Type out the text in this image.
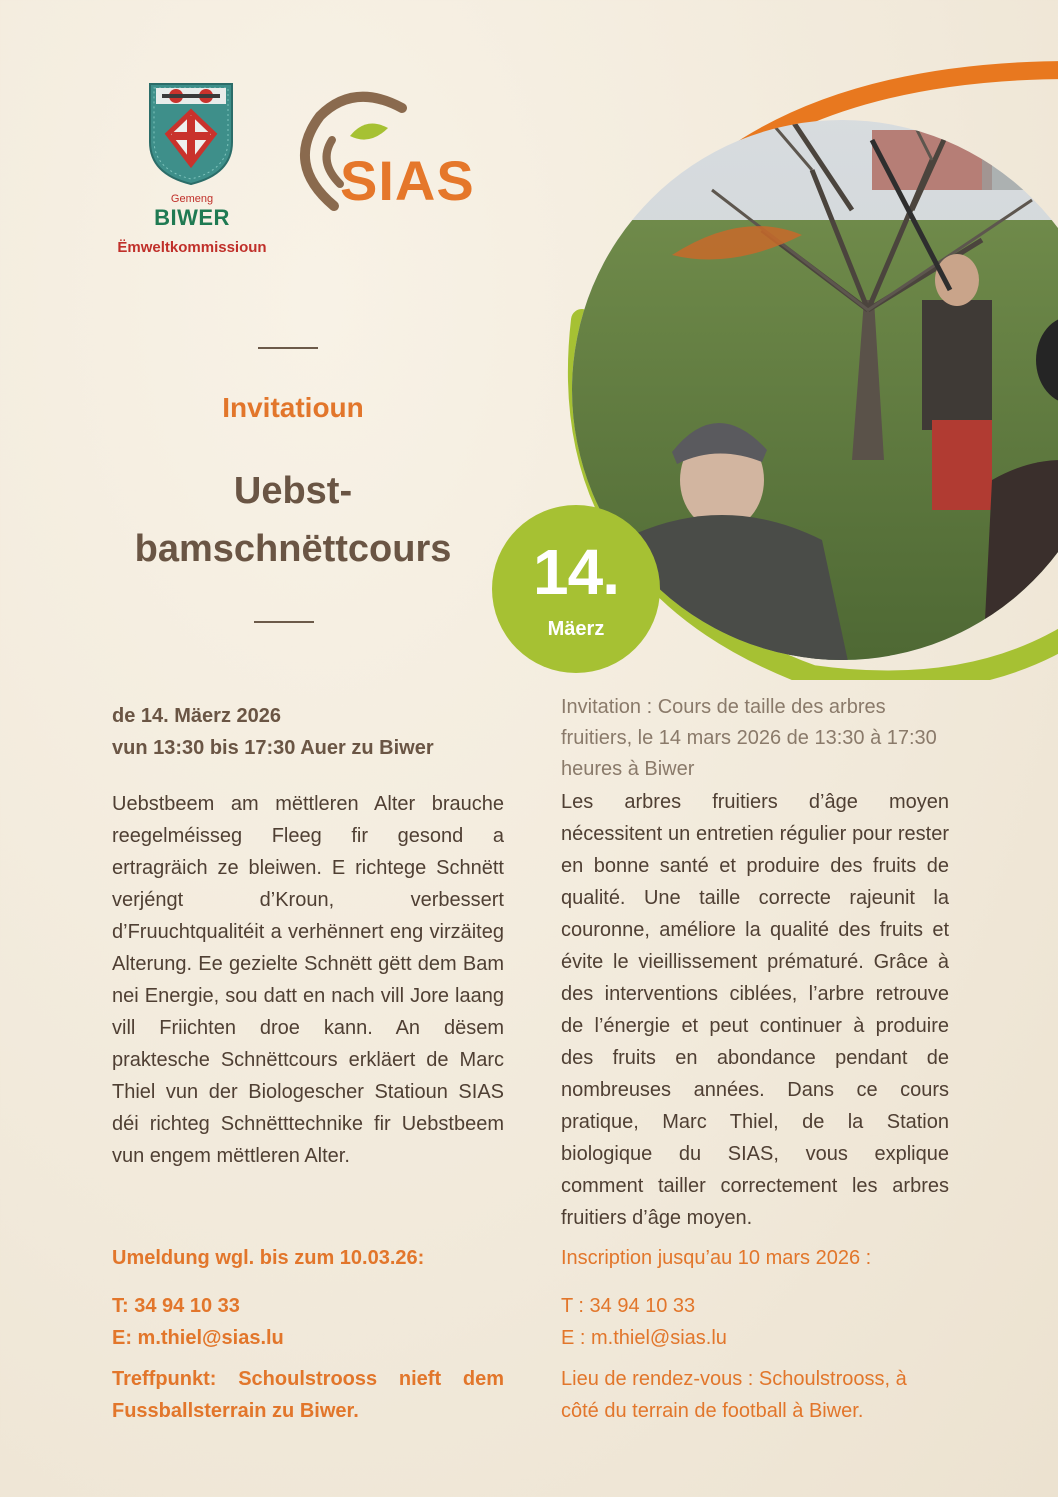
Gemeng
BIWER
Ëmweltkommissioun
SIAS
Invitatioun
Uebst-
bamschnëttcours	14.
Mäerz
de 14. Mäerz 2026
vun 13:30 bis 17:30 Auer zu Biwer
Uebstbeem am mëttleren Alter brauche reegelméisseg Fleeg fir gesond a ertragräich ze bleiwen. E richtege Schnëtt verjéngt d’Kroun, verbessert d’Fruuchtqualitéit a verhënnert eng virzäiteg Alterung. Ee gezielte Schnëtt gëtt dem Bam nei Energie, sou datt en nach vill Jore laang vill Friichten droe kann. An dësem praktesche Schnëttcours erkläert de Marc Thiel vun der Biologescher Statioun SIAS déi richteg Schnëtttechnike fir Uebstbeem vun engem mëttleren Alter.
Umeldung wgl. bis zum 10.03.26:
T: 34 94 10 33
E: m.thiel@sias.lu
Treffpunkt: Schoulstrooss nieft dem Fussballsterrain zu Biwer.
Invitation : Cours de taille des arbres fruitiers, le 14 mars 2026 de 13:30 à 17:30 heures à Biwer
Les arbres fruitiers d’âge moyen nécessitent un entretien régulier pour rester en bonne santé et produire des fruits de qualité. Une taille correcte rajeunit la couronne, améliore la qualité des fruits et évite le vieillissement prématuré. Grâce à des interventions ciblées, l’arbre retrouve de l’énergie et peut continuer à produire des fruits en abondance pendant de nombreuses années. Dans ce cours pratique, Marc Thiel, de la Station biologique du SIAS, vous explique comment tailler correctement les arbres fruitiers d’âge moyen.
Inscription jusqu’au 10 mars 2026 :
T : 34 94 10 33
E : m.thiel@sias.lu
Lieu de rendez-vous : Schoulstrooss, à côté du terrain de football à Biwer.
